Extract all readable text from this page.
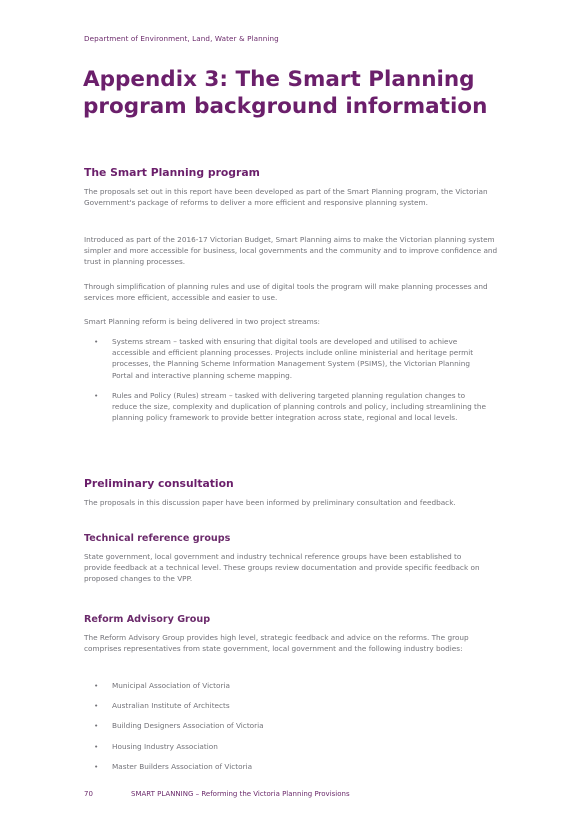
Department of Environment, Land, Water & Planning
Appendix 3: The Smart Planning program background information
The Smart Planning program

The proposals set out in this report have been developed as part of the Smart Planning program, the Victorian Government's package of reforms to deliver a more efficient and responsive planning system.

Introduced as part of the 2016-17 Victorian Budget, Smart Planning aims to make the Victorian planning system simpler and more accessible for business, local governments and the community and to improve confidence and trust in planning processes.

Through simplification of planning rules and use of digital tools the program will make planning processes and services more efficient, accessible and easier to use.

Smart Planning reform is being delivered in two project streams:

• Systems stream – tasked with ensuring that digital tools are developed and utilised to achieve accessible and efficient planning processes. Projects include online ministerial and heritage permit processes, the Planning Scheme Information Management System (PSIMS), the Victorian Planning Portal and interactive planning scheme mapping.
• Rules and Policy (Rules) stream – tasked with delivering targeted planning regulation changes to reduce the size, complexity and duplication of planning controls and policy, including streamlining the planning policy framework to provide better integration across state, regional and local levels.
Preliminary consultation

The proposals in this discussion paper have been informed by preliminary consultation and feedback.

Technical reference groups

State government, local government and industry technical reference groups have been established to provide feedback at a technical level. These groups review documentation and provide specific feedback on proposed changes to the VPP.

Reform Advisory Group

The Reform Advisory Group provides high level, strategic feedback and advice on the reforms. The group comprises representatives from state government, local government and the following industry bodies:

• Municipal Association of Victoria
• Australian Institute of Architects
• Building Designers Association of Victoria
• Housing Industry Association
• Master Builders Association of Victoria
70	SMART PLANNING – Reforming the Victoria Planning Provisions
